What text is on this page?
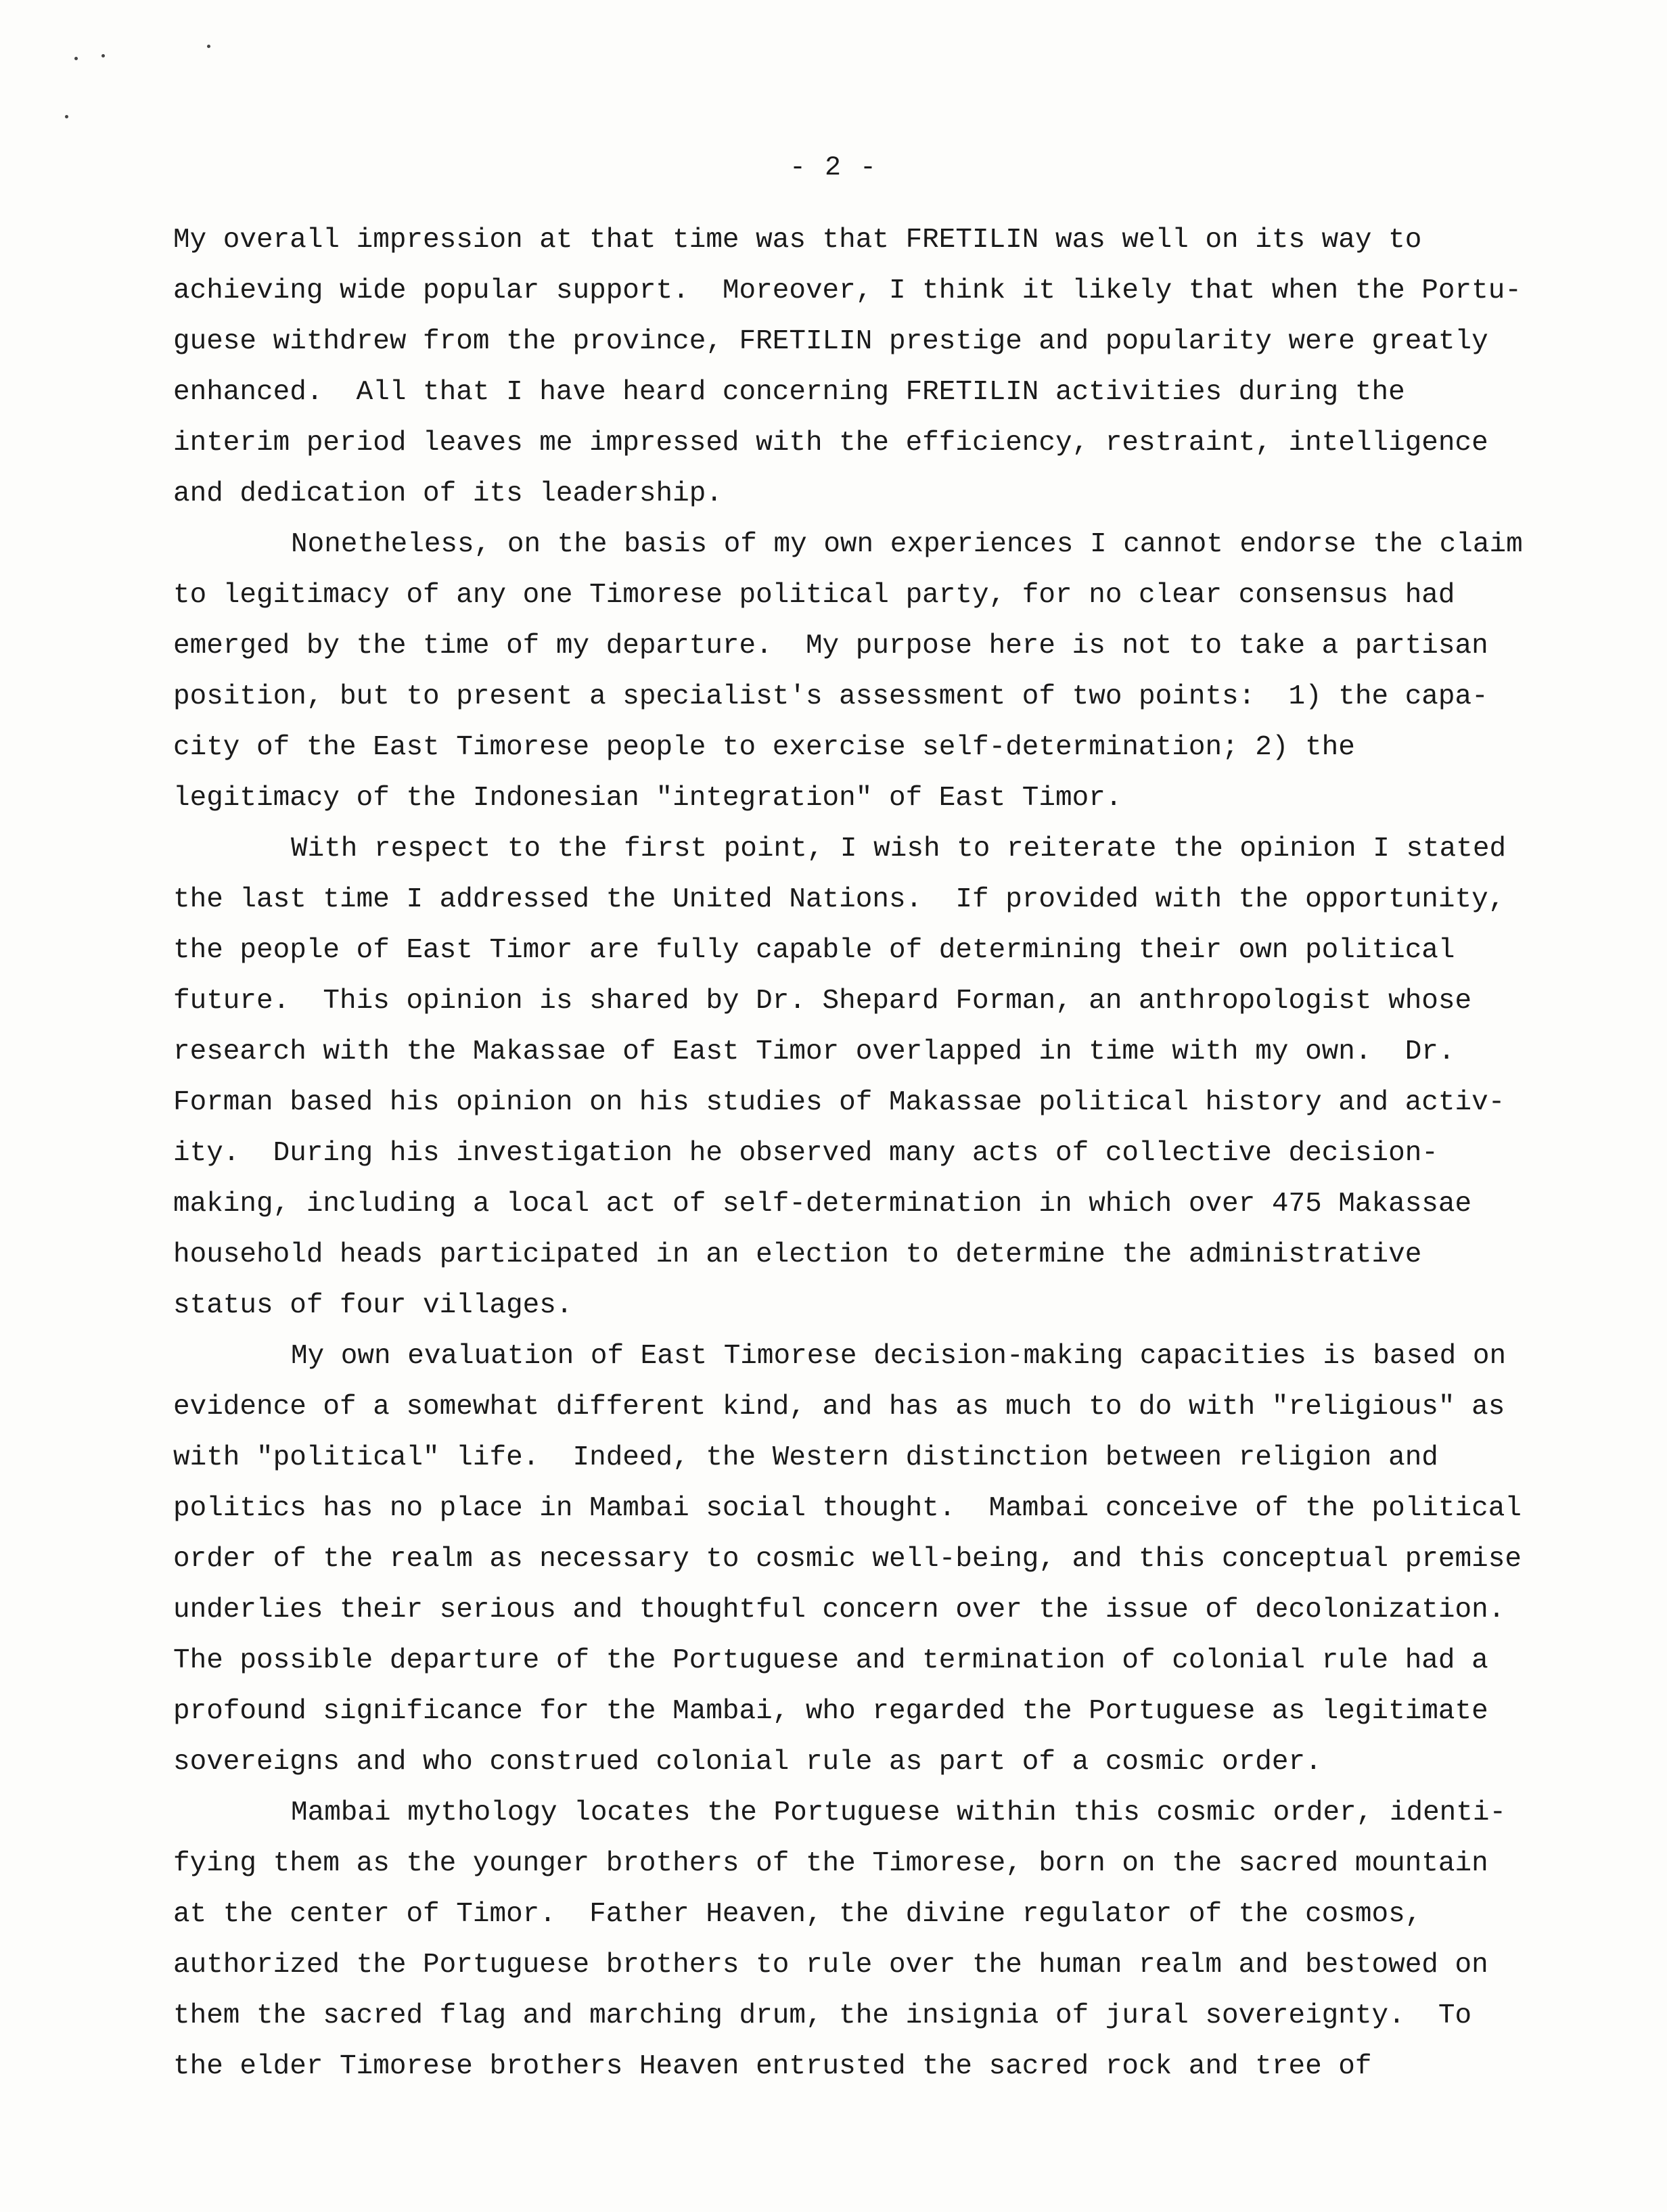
- 2 -
My overall impression at that time was that FRETILIN was well on its way to
achieving wide popular support.  Moreover, I think it likely that when the Portu-
guese withdrew from the province, FRETILIN prestige and popularity were greatly
enhanced.  All that I have heard concerning FRETILIN activities during the
interim period leaves me impressed with the efficiency, restraint, intelligence
and dedication of its leadership.
Nonetheless, on the basis of my own experiences I cannot endorse the claim
to legitimacy of any one Timorese political party, for no clear consensus had
emerged by the time of my departure.  My purpose here is not to take a partisan
position, but to present a specialist's assessment of two points:  1) the capa-
city of the East Timorese people to exercise self-determination; 2) the
legitimacy of the Indonesian "integration" of East Timor.
With respect to the first point, I wish to reiterate the opinion I stated
the last time I addressed the United Nations.  If provided with the opportunity,
the people of East Timor are fully capable of determining their own political
future.  This opinion is shared by Dr. Shepard Forman, an anthropologist whose
research with the Makassae of East Timor overlapped in time with my own.  Dr.
Forman based his opinion on his studies of Makassae political history and activ-
ity.  During his investigation he observed many acts of collective decision-
making, including a local act of self-determination in which over 475 Makassae
household heads participated in an election to determine the administrative
status of four villages.
My own evaluation of East Timorese decision-making capacities is based on
evidence of a somewhat different kind, and has as much to do with "religious" as
with "political" life.  Indeed, the Western distinction between religion and
politics has no place in Mambai social thought.  Mambai conceive of the political
order of the realm as necessary to cosmic well-being, and this conceptual premise
underlies their serious and thoughtful concern over the issue of decolonization.
The possible departure of the Portuguese and termination of colonial rule had a
profound significance for the Mambai, who regarded the Portuguese as legitimate
sovereigns and who construed colonial rule as part of a cosmic order.
Mambai mythology locates the Portuguese within this cosmic order, identi-
fying them as the younger brothers of the Timorese, born on the sacred mountain
at the center of Timor.  Father Heaven, the divine regulator of the cosmos,
authorized the Portuguese brothers to rule over the human realm and bestowed on
them the sacred flag and marching drum, the insignia of jural sovereignty.  To
the elder Timorese brothers Heaven entrusted the sacred rock and tree of
